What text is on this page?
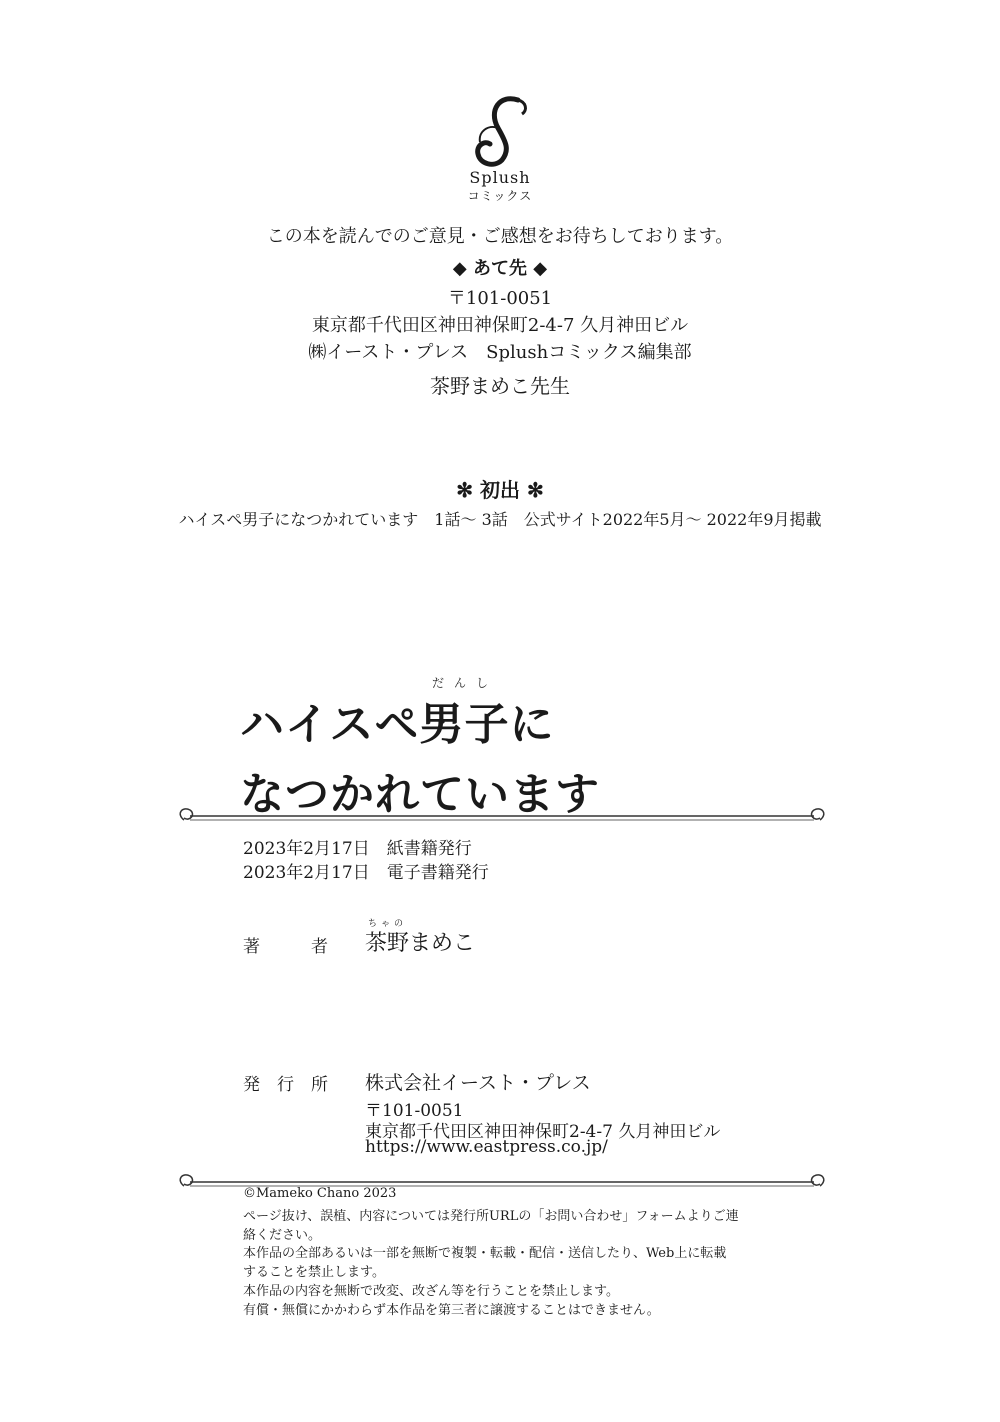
Splush
コミックス
この本を読んでのご意見・ご感想をお待ちしております。
◆ あて先 ◆
〒101-0051
東京都千代田区神田神保町2-4-7 久月神田ビル
㈱イースト・プレス　Splushコミックス編集部
茶野まめこ先生
✻ 初出 ✻
ハイスペ男子になつかれています　1話～ 3話　公式サイト2022年5月～ 2022年9月掲載
だんし
ハイスペ男子に
なつかれています
2023年2月17日　紙書籍発行
2023年2月17日　電子書籍発行
著　　　者
ちゃの
茶野まめこ
発　行　所 株式会社イースト・プレス
〒101-0051
東京都千代田区神田神保町2-4-7 久月神田ビル
https://www.eastpress.co.jp/
©Mameko Chano 2023
ページ抜け、誤植、内容については発行所URLの「お問い合わせ」フォームよりご連
絡ください。
本作品の全部あるいは一部を無断で複製・転載・配信・送信したり、Web上に転載
することを禁止します。
本作品の内容を無断で改変、改ざん等を行うことを禁止します。
有償・無償にかかわらず本作品を第三者に譲渡することはできません。
